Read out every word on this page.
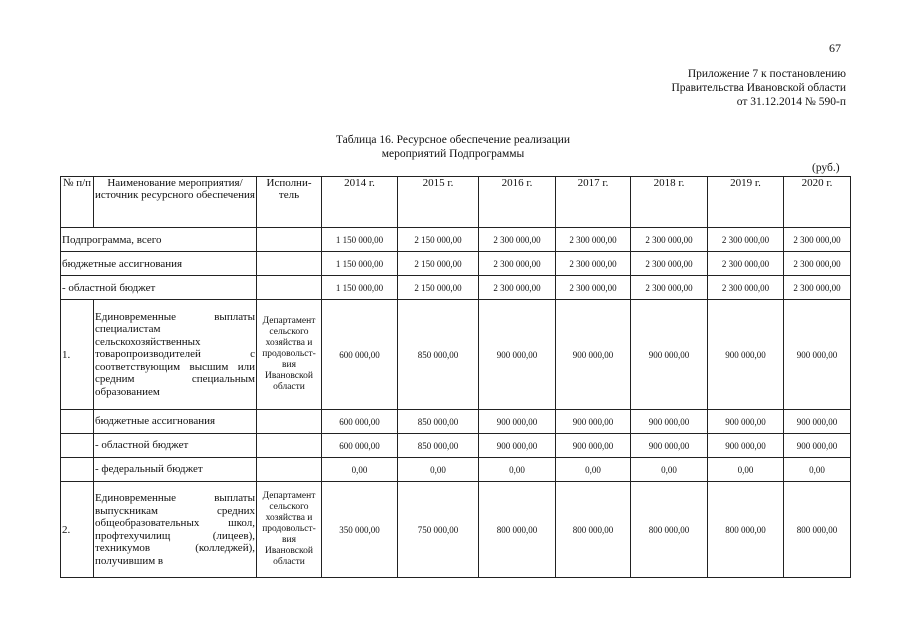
67
Приложение 7 к постановлению
Правительства Ивановской области
от 31.12.2014 № 590-п
Таблица 16. Ресурсное обеспечение реализации
мероприятий Подпрограммы
(руб.)
№ п/п	Наименование мероприятия/источник ресурсного обеспечения	Исполни-тель	2014 г.	2015 г.	2016 г.	2017 г.	2018 г.	2019 г.	2020 г.
Подпрограмма, всего			1 150 000,00	2 150 000,00	2 300 000,00	2 300 000,00	2 300 000,00	2 300 000,00	2 300 000,00
бюджетные ассигнования			1 150 000,00	2 150 000,00	2 300 000,00	2 300 000,00	2 300 000,00	2 300 000,00	2 300 000,00
- областной бюджет			1 150 000,00	2 150 000,00	2 300 000,00	2 300 000,00	2 300 000,00	2 300 000,00	2 300 000,00
1.	Единовременные выплаты специалистам сельскохозяйственных товаропроизводителей с соответствующим высшим или средним специальным образованием	Департамент сельского хозяйства и продовольст-вия Ивановской области	600 000,00	850 000,00	900 000,00	900 000,00	900 000,00	900 000,00	900 000,00
	бюджетные ассигнования		600 000,00	850 000,00	900 000,00	900 000,00	900 000,00	900 000,00	900 000,00
	- областной бюджет		600 000,00	850 000,00	900 000,00	900 000,00	900 000,00	900 000,00	900 000,00
	- федеральный бюджет		0,00	0,00	0,00	0,00	0,00	0,00	0,00
2.	Единовременные выплаты выпускникам средних общеобразовательных школ, профтехучилищ (лицеев), техникумов (колледжей), получившим в	Департамент сельского хозяйства и продовольст-вия Ивановской области	350 000,00	750 000,00	800 000,00	800 000,00	800 000,00	800 000,00	800 000,00
